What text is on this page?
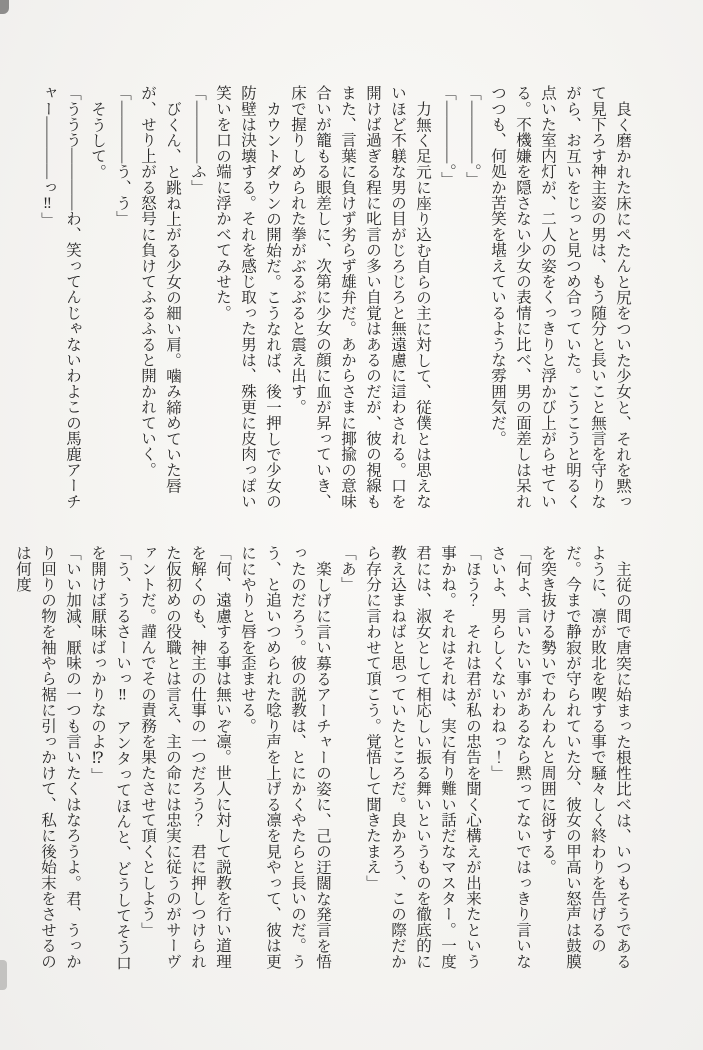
良く磨かれた床にぺたんと尻をついた少女と、それを黙って見下ろす神主姿の男は、もう随分と長いこと無言を守りながら、お互いをじっと見つめ合っていた。こうこうと明るく点いた室内灯が、二人の姿をくっきりと浮かび上がらせている。不機嫌を隠さない少女の表情に比べ、男の面差しは呆れつつも、何処か苦笑を堪えているような雰囲気だ。

「――――。」

「――――。」

力無く足元に座り込む自らの主に対して、従僕とは思えないほど不躾な男の目がじろじろと無遠慮に這わされる。口を開けば過ぎる程に叱言の多い自覚はあるのだが、彼の視線もまた、言葉に負けず劣らず雄弁だ。あからさまに揶揄の意味合いが籠もる眼差しに、次第に少女の顔に血が昇っていき、床で握りしめられた拳がぶるぶると震え出す。

カウントダウンの開始だ。こうなれば、後一押しで少女の防壁は決壊する。それを感じ取った男は、殊更に皮肉っぽい笑いを口の端に浮かべてみせた。

「――――ふ」

びくん、と跳ね上がる少女の細い肩。噛み締めていた唇が、せり上がる怒号に負けてふるふると開かれていく。

「――――う、う」

そうして。

「ううう――――わ、笑ってんじゃないわよこの馬鹿アーチャー――――っ‼」

主従の間で唐突に始まった根性比べは、いつもそうであるように、凛が敗北を喫する事で騒々しく終わりを告げるのだ。今まで静寂が守られていた分、彼女の甲高い怒声は鼓膜を突き抜ける勢いでわんわんと周囲に谺する。

「何よ、言いたい事があるなら黙ってないではっきり言いなさいよ、男らしくないわねっ！」

「ほう？　それは君が私の忠告を聞く心構えが出来たという事かね。それはそれは、実に有り難い話だなマスター。一度君には、淑女として相応しい振る舞いというものを徹底的に教え込まねばと思っていたところだ。良かろう、この際だから存分に言わせて頂こう。覚悟して聞きたまえ」

「あ」

楽しげに言い募るアーチャーの姿に、己の迂闊な発言を悟ったのだろう。彼の説教は、とにかくやたらと長いのだ。うう、と追いつめられた唸り声を上げる凛を見やって、彼は更ににやりと唇を歪ませる。

「何、遠慮する事は無いぞ凛。世人に対して説教を行い道理を解くのも、神主の仕事の一つだろう？　君に押しつけられた仮初めの役職とは言え、主の命には忠実に従うのがサーヴァントだ。謹んでその責務を果たさせて頂くとしよう」

「う、うるさーいっ‼　アンタってほんと、どうしてそう口を開けば厭味ばっかりなのよ⁉」

「いい加減、厭味の一つも言いたくはなろうよ。君、うっかり回りの物を袖やら裾に引っかけて、私に後始末をさせるのは何度
